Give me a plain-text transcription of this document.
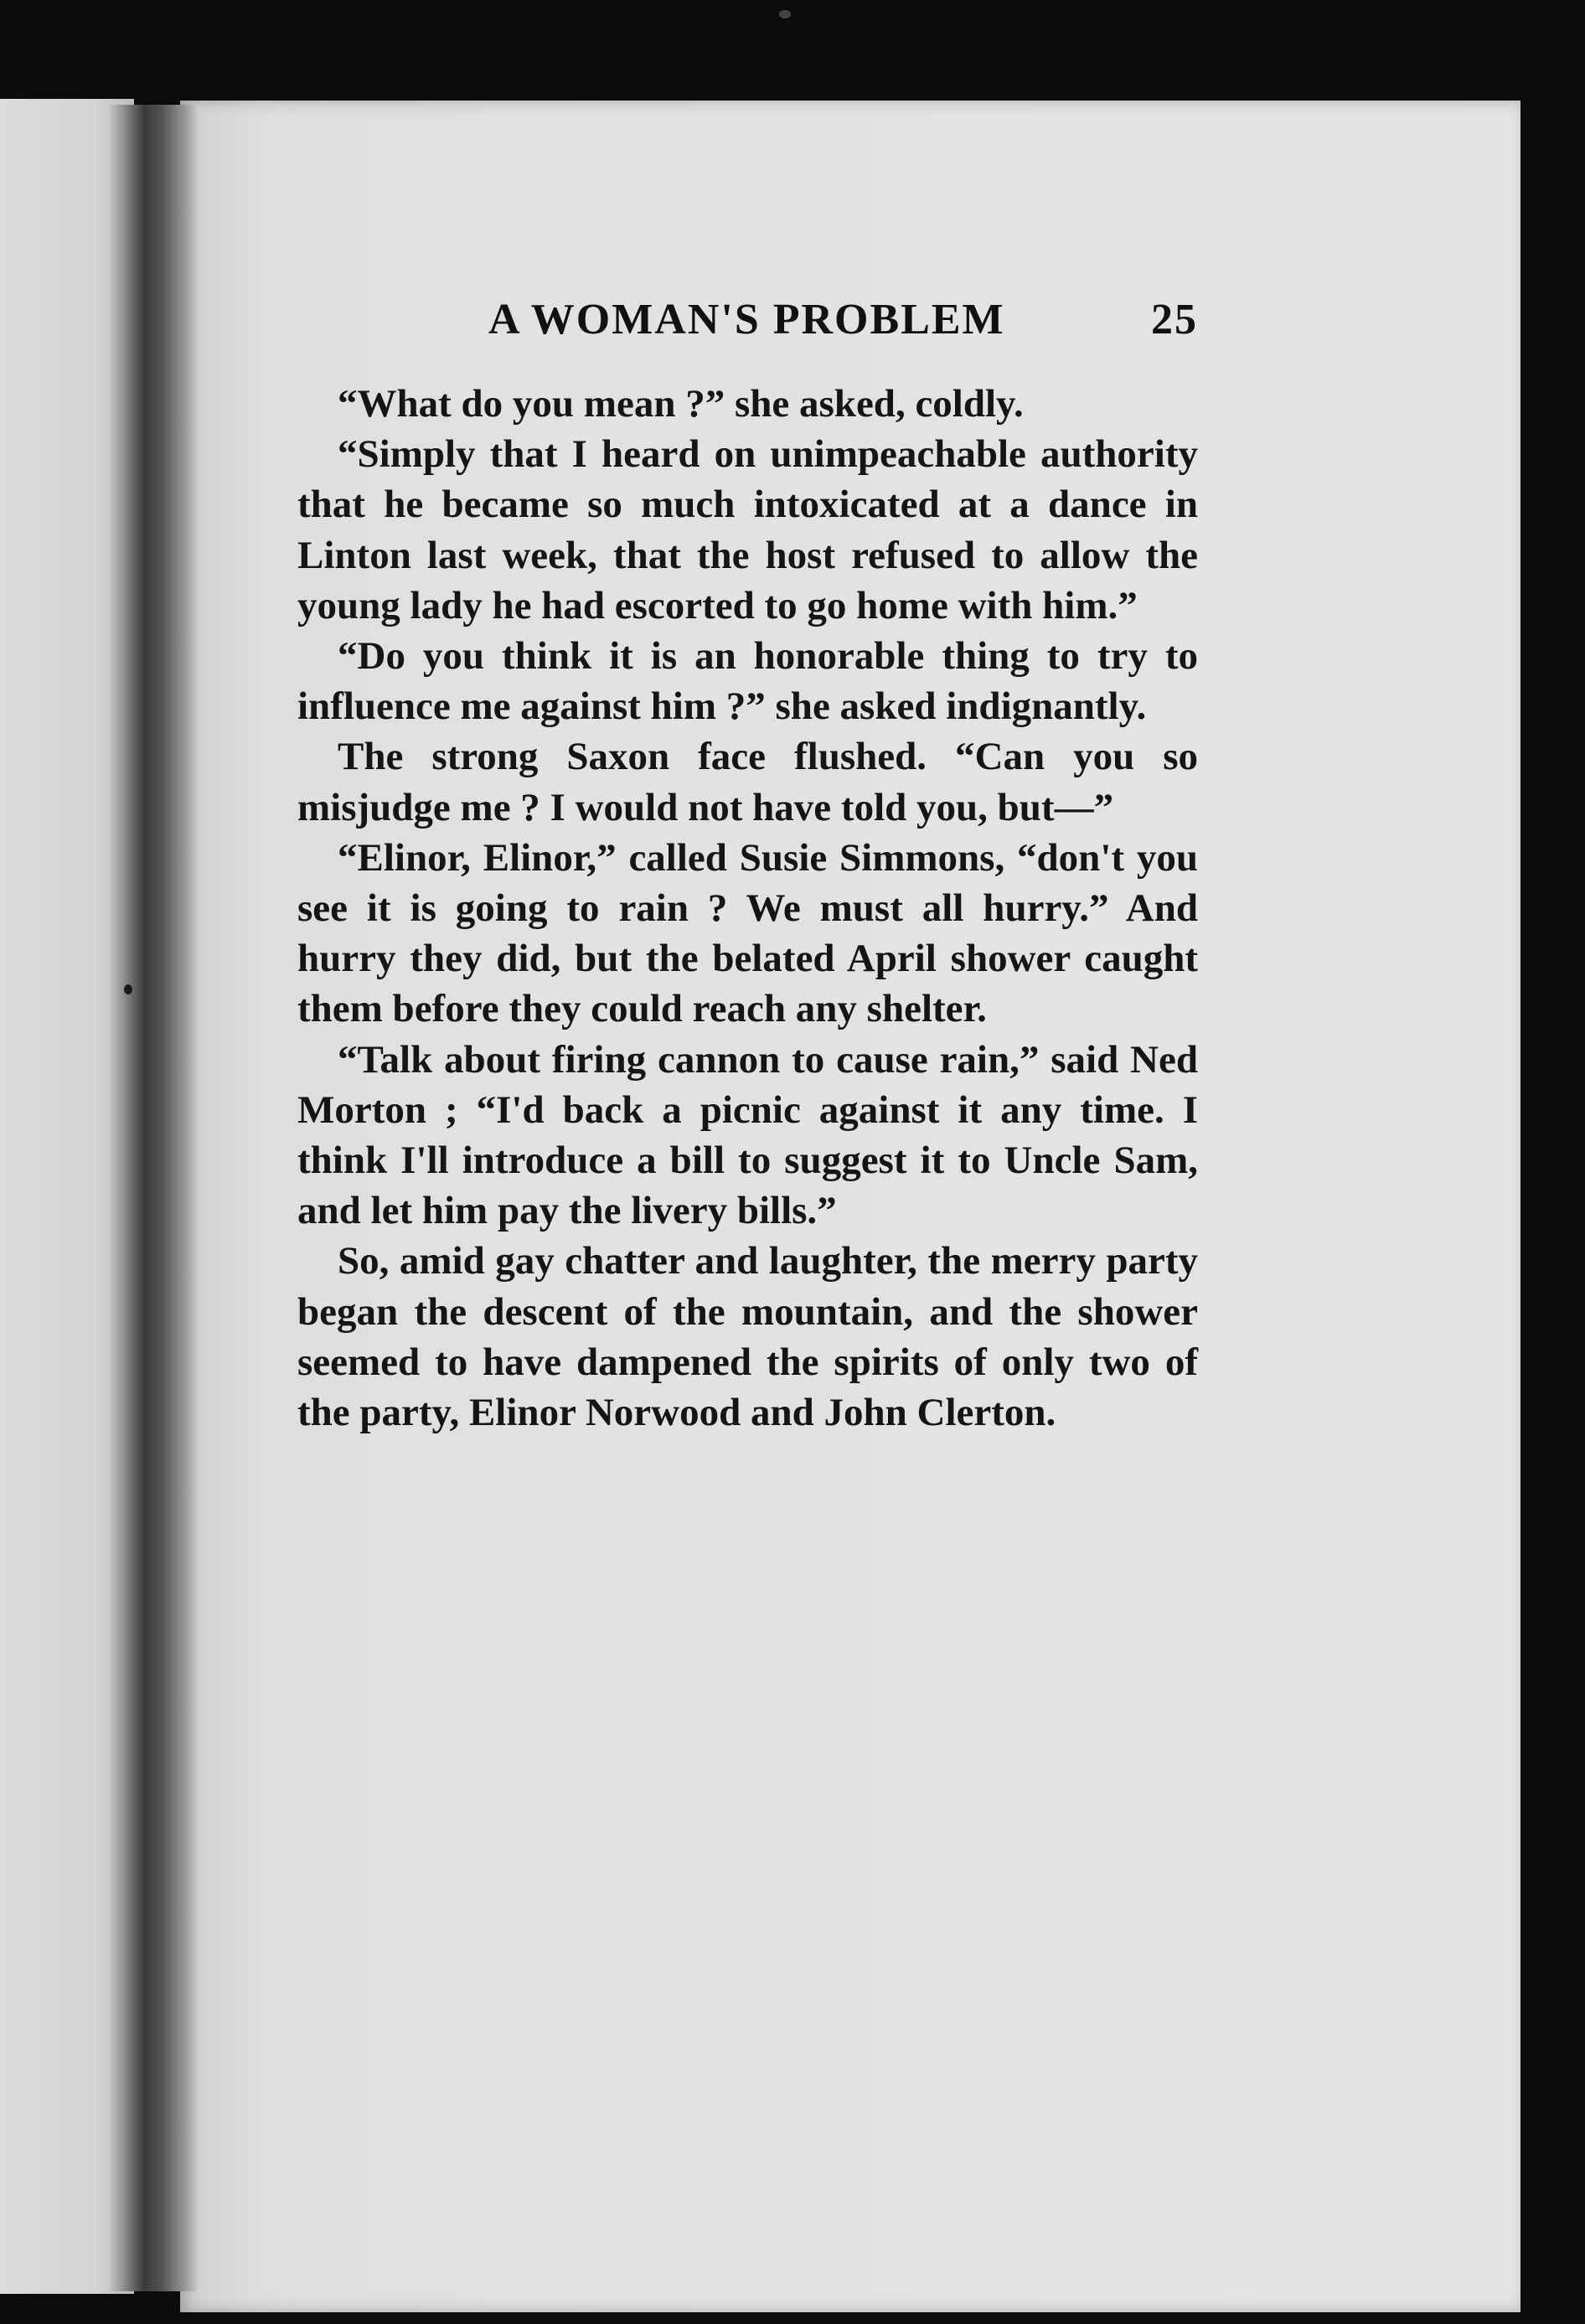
A WOMAN'S PROBLEM	25

“What do you mean ?” she asked, coldly.

“Simply that I heard on unimpeachable authority that he became so much intoxicated at a dance in Linton last week, that the host refused to allow the young lady he had escorted to go home with him.”

“Do you think it is an honorable thing to try to influence me against him ?” she asked indignantly.

The strong Saxon face flushed. “Can you so misjudge me ? I would not have told you, but—”

“Elinor, Elinor,” called Susie Simmons, “don't you see it is going to rain ? We must all hurry.” And hurry they did, but the belated April shower caught them before they could reach any shelter.

“Talk about firing cannon to cause rain,” said Ned Morton ; “I'd back a picnic against it any time. I think I'll introduce a bill to suggest it to Uncle Sam, and let him pay the livery bills.”

So, amid gay chatter and laughter, the merry party began the descent of the mountain, and the shower seemed to have dampened the spirits of only two of the party, Elinor Norwood and John Clerton.
